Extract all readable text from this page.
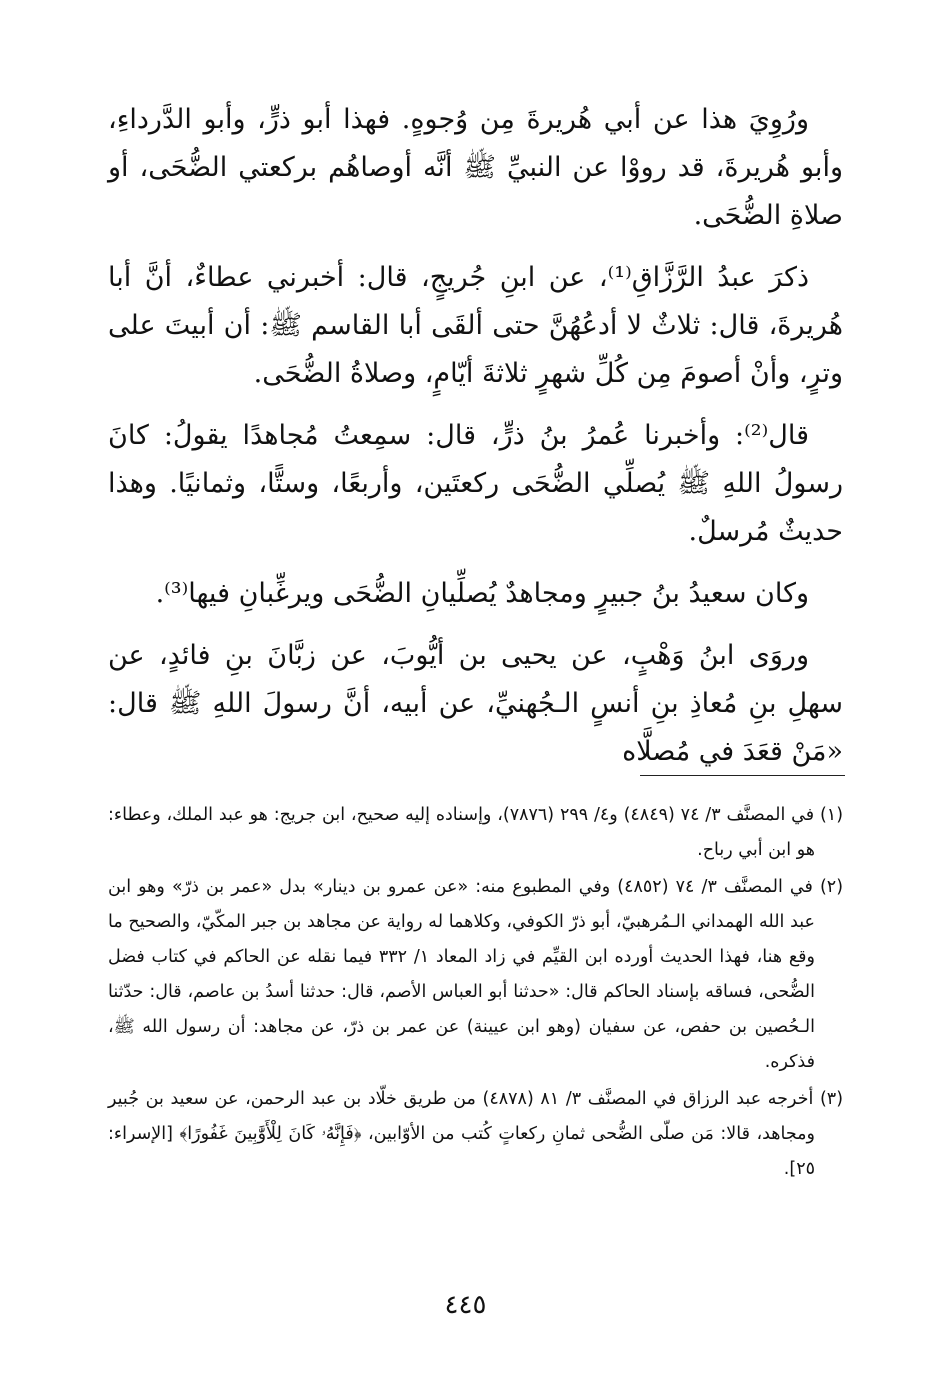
ورُوِيَ هذا عن أبي هُريرةَ مِن وُجوهٍ. فهذا أبو ذرٍّ، وأبو الدَّرداءِ، وأبو هُريرةَ، قد رووْا عن النبيِّ ﷺ أنَّه أوصاهُم بركعتي الضُّحَى، أو صلاةِ الضُّحَى.

ذكرَ عبدُ الرَّزَّاقِ⁽¹⁾، عن ابنِ جُريجٍ، قال: أخبرني عطاءٌ، أنَّ أبا هُريرةَ، قال: ثلاثٌ لا أدعُهُنَّ حتى ألقَى أبا القاسم ﷺ: أن أبيتَ على وترٍ، وأنْ أصومَ مِن كُلِّ شهرٍ ثلاثةَ أيّامٍ، وصلاةُ الضُّحَى.

قال⁽²⁾: وأخبرنا عُمرُ بنُ ذرٍّ، قال: سمِعتُ مُجاهدًا يقولُ: كانَ رسولُ اللهِ ﷺ يُصلِّي الضُّحَى ركعتَين، وأربعًا، وستًّا، وثمانيًا. وهذا حديثٌ مُرسلٌ.

وكان سعيدُ بنُ جبيرٍ ومجاهدٌ يُصلِّيانِ الضُّحَى ويرغِّبانِ فيها⁽³⁾.

وروَى ابنُ وَهْبٍ، عن يحيى بن أيُّوبَ، عن زبَّانَ بنِ فائدٍ، عن سهلِ بنِ مُعاذِ بنِ أنسٍ الـجُهنيِّ، عن أبيه، أنَّ رسولَ اللهِ ﷺ قال: «مَنْ قعَدَ في مُصلَّاه

(١) في المصنَّف ٣/ ٧٤ (٤٨٤٩) و٤/ ٢٩٩ (٧٨٧٦)، وإسناده إليه صحيح، ابن جريج: هو عبد الملك، وعطاء: هو ابن أبي رباح.

(٢) في المصنَّف ٣/ ٧٤ (٤٨٥٢) وفي المطبوع منه: «عن عمرو بن دينار» بدل «عمر بن ذرّ» وهو ابن عبد الله الهمداني الـمُرهبيّ، أبو ذرّ الكوفي، وكلاهما له رواية عن مجاهد بن جبر المكّيّ، والصحيح ما وقع هنا، فهذا الحديث أورده ابن القيِّم في زاد المعاد ١/ ٣٣٢ فيما نقله عن الحاكم في كتاب فضل الضُّحى، فساقه بإسناد الحاكم قال: «حدثنا أبو العباس الأصم، قال: حدثنا أسدُ بن عاصم، قال: حدّثنا الـحُصين بن حفص، عن سفيان (وهو ابن عيينة) عن عمر بن ذرّ، عن مجاهد: أن رسول الله ﷺ، فذكره.

(٣) أخرجه عبد الرزاق في المصنَّف ٣/ ٨١ (٤٨٧٨) من طريق خلّاد بن عبد الرحمن، عن سعيد بن جُبير ومجاهد، قالا: مَن صلّى الضُّحى ثمانِ ركعاتٍ كُتب من الأوّابين، ﴿فَإِنَّهُۥ كَانَ لِلْأَوَّٰبِينَ غَفُورًا﴾ [الإسراء: ٢٥].

٤٤٥
